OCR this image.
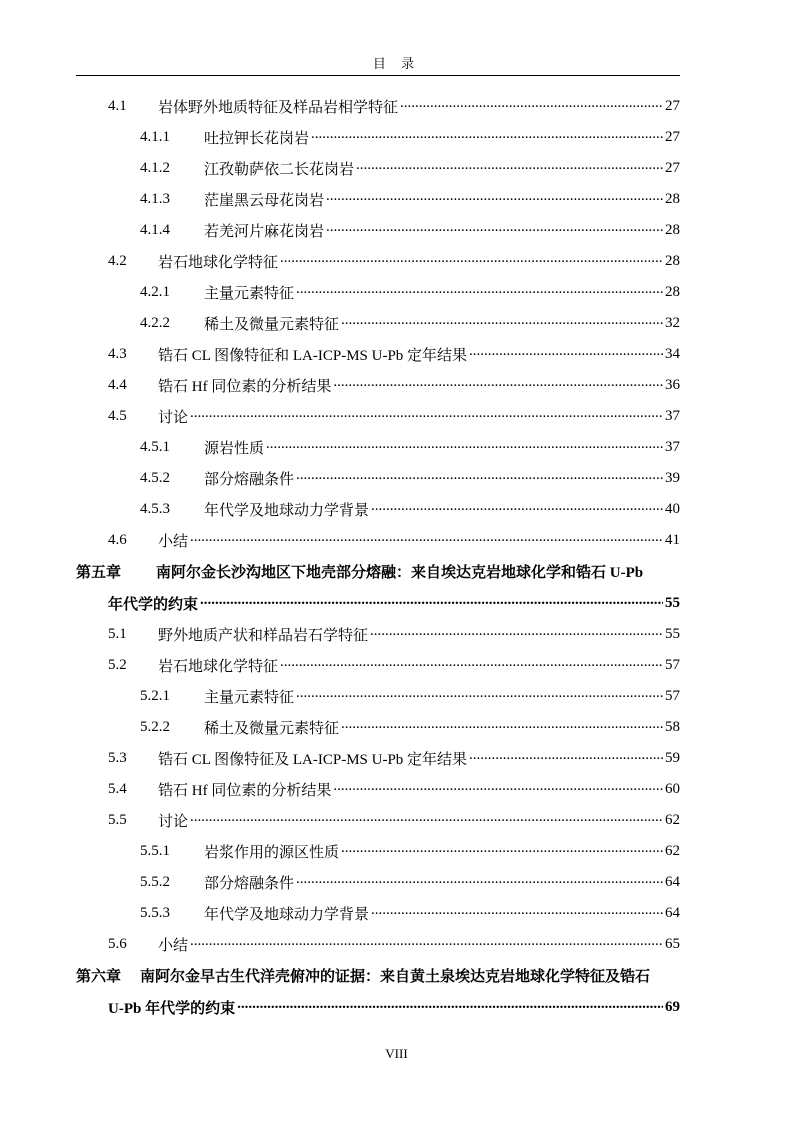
目 录
4.1	岩体野外地质特征及样品岩相学特征 .....	27
4.1.1	吐拉钾长花岗岩 .....	27
4.1.2	江孜勒萨依二长花岗岩 .....	27
4.1.3	茫崖黑云母花岗岩 .....	28
4.1.4	若羌河片麻花岗岩 .....	28
4.2	岩石地球化学特征 .....	28
4.2.1	主量元素特征 .....	28
4.2.2	稀土及微量元素特征 .....	32
4.3	锆石 CL 图像特征和 LA-ICP-MS U-Pb 定年结果 .....	34
4.4	锆石 Hf 同位素的分析结果 .....	36
4.5	讨论 .....	37
4.5.1	源岩性质 .....	37
4.5.2	部分熔融条件 .....	39
4.5.3	年代学及地球动力学背景 .....	40
4.6	小结 .....	41
第五章	南阿尔金长沙沟地区下地壳部分熔融：来自埃达克岩地球化学和锆石 U-Pb
年代学的约束 .....	55
5.1	野外地质产状和样品岩石学特征 .....	55
5.2	岩石地球化学特征 .....	57
5.2.1	主量元素特征 .....	57
5.2.2	稀土及微量元素特征 .....	58
5.3	锆石 CL 图像特征及 LA-ICP-MS U-Pb 定年结果 .....	59
5.4	锆石 Hf 同位素的分析结果 .....	60
5.5	讨论 .....	62
5.5.1	岩浆作用的源区性质 .....	62
5.5.2	部分熔融条件 .....	64
5.5.3	年代学及地球动力学背景 .....	64
5.6	小结 .....	65
第六章	南阿尔金早古生代洋壳俯冲的证据：来自黄土泉埃达克岩地球化学特征及锆石
U-Pb 年代学的约束 .....	69
VIII
